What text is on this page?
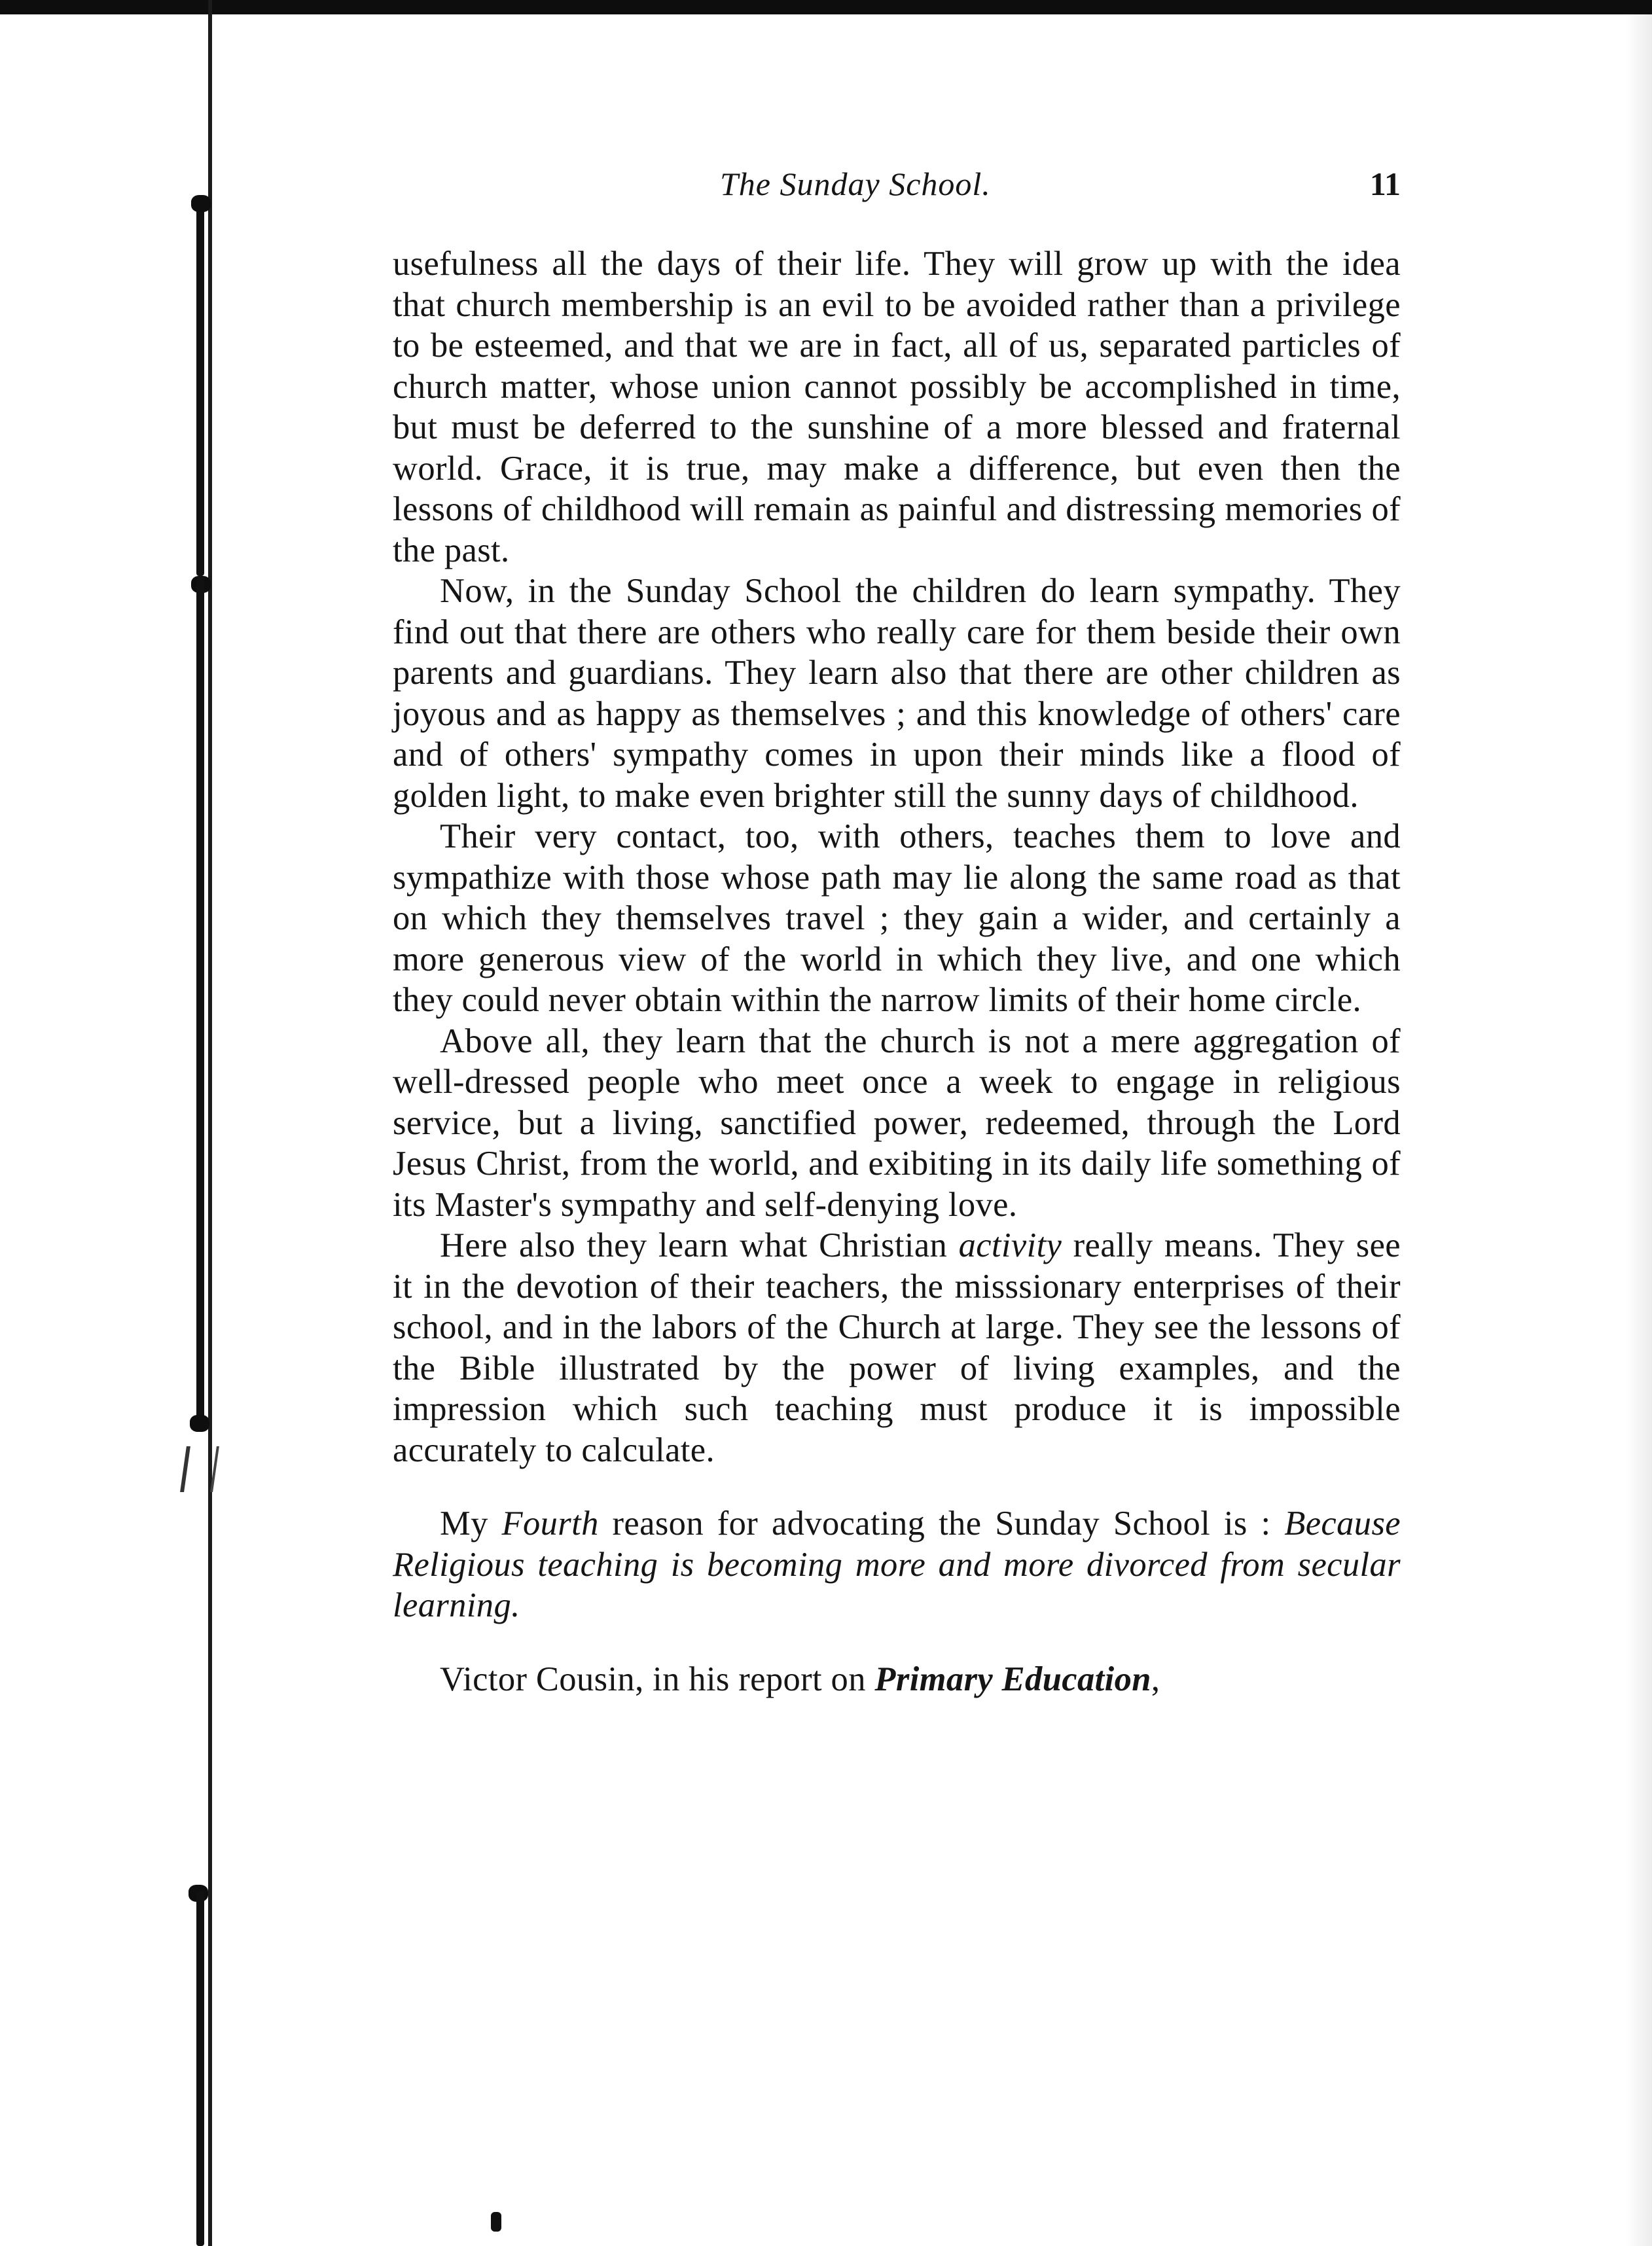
The Sunday School.	11

usefulness all the days of their life. They will grow up with the idea that church membership is an evil to be avoided rather than a privilege to be esteemed, and that we are in fact, all of us, separated particles of church matter, whose union cannot possibly be accomplished in time, but must be deferred to the sunshine of a more blessed and fraternal world. Grace, it is true, may make a difference, but even then the lessons of childhood will remain as painful and distressing memories of the past.

Now, in the Sunday School the children do learn sympathy. They find out that there are others who really care for them beside their own parents and guardians. They learn also that there are other children as joyous and as happy as themselves ; and this knowledge of others' care and of others' sympathy comes in upon their minds like a flood of golden light, to make even brighter still the sunny days of childhood.

Their very contact, too, with others, teaches them to love and sympathize with those whose path may lie along the same road as that on which they themselves travel ; they gain a wider, and certainly a more generous view of the world in which they live, and one which they could never obtain within the narrow limits of their home circle.

Above all, they learn that the church is not a mere aggregation of well-dressed people who meet once a week to engage in religious service, but a living, sanctified power, redeemed, through the Lord Jesus Christ, from the world, and exibiting in its daily life something of its Master's sympathy and self-denying love.

Here also they learn what Christian activity really means. They see it in the devotion of their teachers, the misssionary enterprises of their school, and in the labors of the Church at large. They see the lessons of the Bible illustrated by the power of living examples, and the impression which such teaching must produce it is impossible accurately to calculate.

My Fourth reason for advocating the Sunday School is : Because Religious teaching is becoming more and more divorced from secular learning.

Victor Cousin, in his report on Primary Education,
